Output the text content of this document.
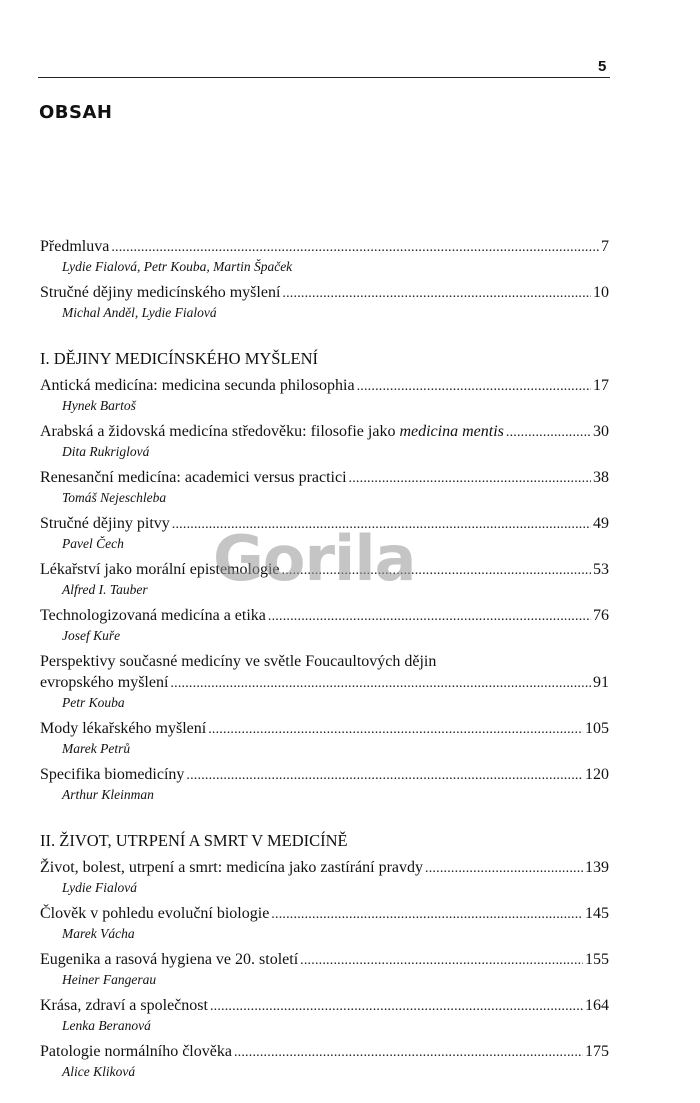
5
OBSAH
Předmluva .....	7
Lydie Fialová, Petr Kouba, Martin Špaček
Stručné dějiny medicínského myšlení .....	10
Michal Anděl, Lydie Fialová
I. DĚJINY MEDICÍNSKÉHO MYŠLENÍ
Antická medicína: medicina secunda philosophia .....	17
Hynek Bartoš
Arabská a židovská medicína středověku: filosofie jako medicina mentis .....	30
Dita Rukriglová
Renesanční medicína: academici versus practici .....	38
Tomáš Nejeschleba
Stručné dějiny pitvy .....	49
Pavel Čech
Lékařství jako morální epistemologie .....	53
Alfred I. Tauber
Technologizovaná medicína a etika .....	76
Josef Kuře
Perspektivy současné medicíny ve světle Foucaultových dějin
evropského myšlení .....	91
Petr Kouba
Mody lékařského myšlení .....	105
Marek Petrů
Specifika biomedicíny .....	120
Arthur Kleinman
II. ŽIVOT, UTRPENÍ A SMRT V MEDICÍNĚ
Život, bolest, utrpení a smrt: medicína jako zastírání pravdy .....	139
Lydie Fialová
Člověk v pohledu evoluční biologie .....	145
Marek Vácha
Eugenika a rasová hygiena ve 20. století .....	155
Heiner Fangerau
Krása, zdraví a společnost .....	164
Lenka Beranová
Patologie normálního člověka .....	175
Alice Kliková
Gorila
